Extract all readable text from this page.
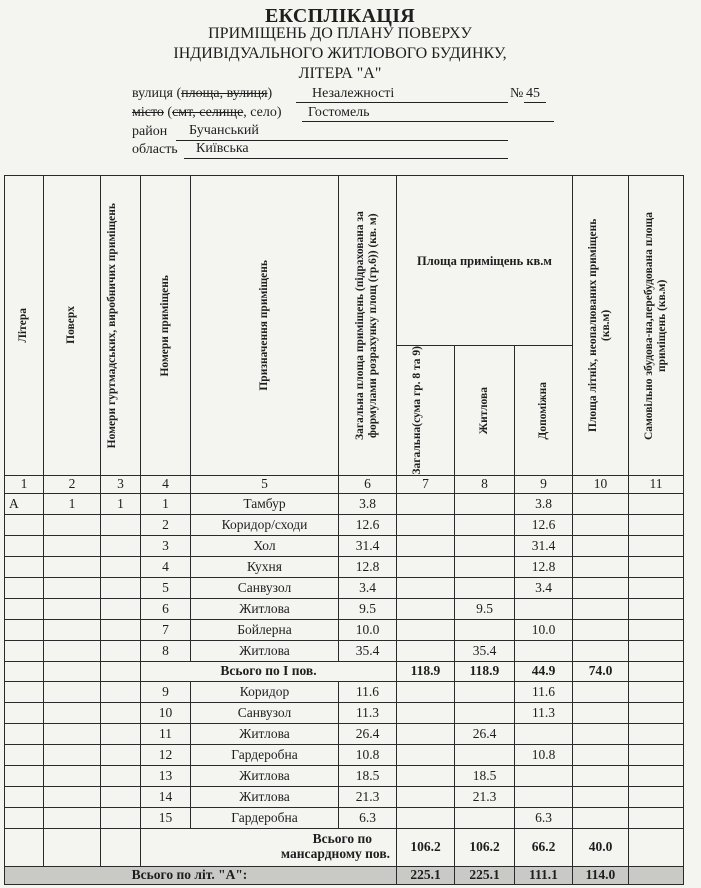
ЕКСПЛІКАЦІЯ
ПРИМІЩЕНЬ ДО ПЛАНУ ПОВЕРХУ
ІНДИВІДУАЛЬНОГО ЖИТЛОВОГО БУДИНКУ,
ЛІТЕРА "А"
вулиця (площа, вулиця)	Незалежності	№ 45
місто (смт, селище, село) Гостомель
район Бучанський
область Київська
Літера	Поверх	Номери гуртмадських, виробничих приміщень	Номери приміщень	Призначення приміщень	Загальна площа приміщень (підрахована за формулами розрахунку площ (гр.6)) (кв. м)	Площа приміщень кв.м			Площа літніх, неопалюваних приміщень (кв.м)	Самовільно збудова-на,перебудована площа приміщень (кв.м)

						Загальна(сума гр. 8 та 9)	Житлова	Допоміжна		

1	2	3	4	5	6	7	8	9	10	11
А	1	1	1	Тамбур	3.8			3.8		
			2	Коридор/сходи	12.6			12.6		
			3	Хол	31.4			31.4		
			4	Кухня	12.8			12.8		
			5	Санвузол	3.4			3.4		
			6	Житлова	9.5		9.5			
			7	Бойлерна	10.0			10.0		
			8	Житлова	35.4		35.4			
			Всього по І пов.			118.9	118.9	44.9	74.0	
			9	Коридор	11.6			11.6		
			10	Санвузол	11.3			11.3		
			11	Житлова	26.4		26.4			
			12	Гардеробна	10.8			10.8		
			13	Житлова	18.5		18.5			
			14	Житлова	21.3		21.3			
			15	Гардеробна	6.3			6.3		

			Всього по
мансардному пов.			106.2	106.2	66.2	40.0	
Всього по літ. "А":						225.1	225.1	111.1	114.0	
